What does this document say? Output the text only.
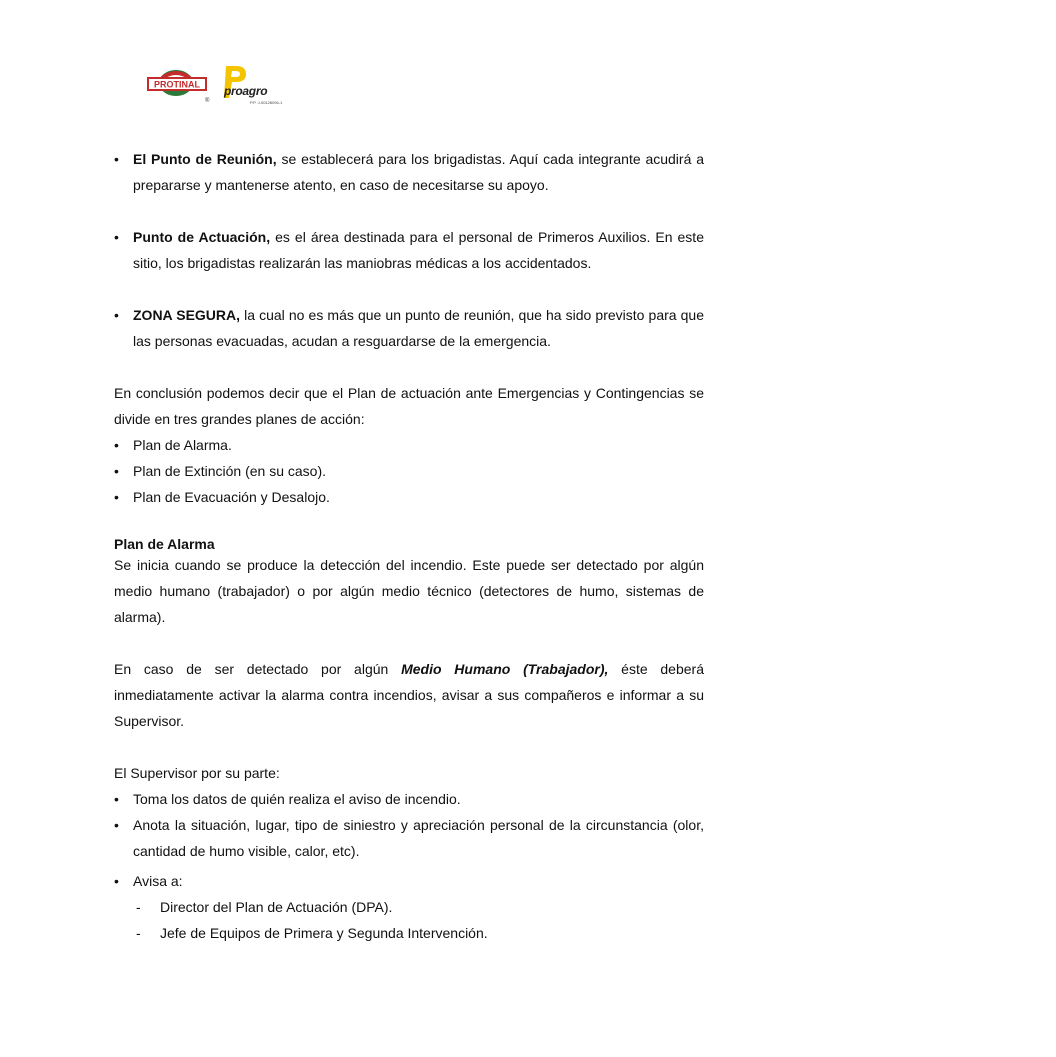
PROTINAL
®
proagro
P.P. J-00126094-1
• El Punto de Reunión, se establecerá para los brigadistas. Aquí cada integrante acudirá a prepararse y mantenerse atento, en caso de necesitarse su apoyo.
• Punto de Actuación, es el área destinada para el personal de Primeros Auxilios. En este sitio, los brigadistas realizarán las maniobras médicas a los accidentados.
• ZONA SEGURA, la cual no es más que un punto de reunión, que ha sido previsto para que las personas evacuadas, acudan a resguardarse de la emergencia.
En conclusión podemos decir que el Plan de actuación ante Emergencias y Contingencias se divide en tres grandes planes de acción:
• Plan de Alarma.
• Plan de Extinción (en su caso).
• Plan de Evacuación y Desalojo.
Plan de Alarma
Se inicia cuando se produce la detección del incendio. Este puede ser detectado por algún medio humano (trabajador) o por algún medio técnico (detectores de humo, sistemas de alarma).
En caso de ser detectado por algún Medio Humano (Trabajador), éste deberá inmediatamente activar la alarma contra incendios, avisar a sus compañeros e informar a su Supervisor.
El Supervisor por su parte:
• Toma los datos de quién realiza el aviso de incendio.
• Anota la situación, lugar, tipo de siniestro y apreciación personal de la circunstancia (olor, cantidad de humo visible, calor, etc).
• Avisa a:
- Director del Plan de Actuación (DPA).
- Jefe de Equipos de Primera y Segunda Intervención.
